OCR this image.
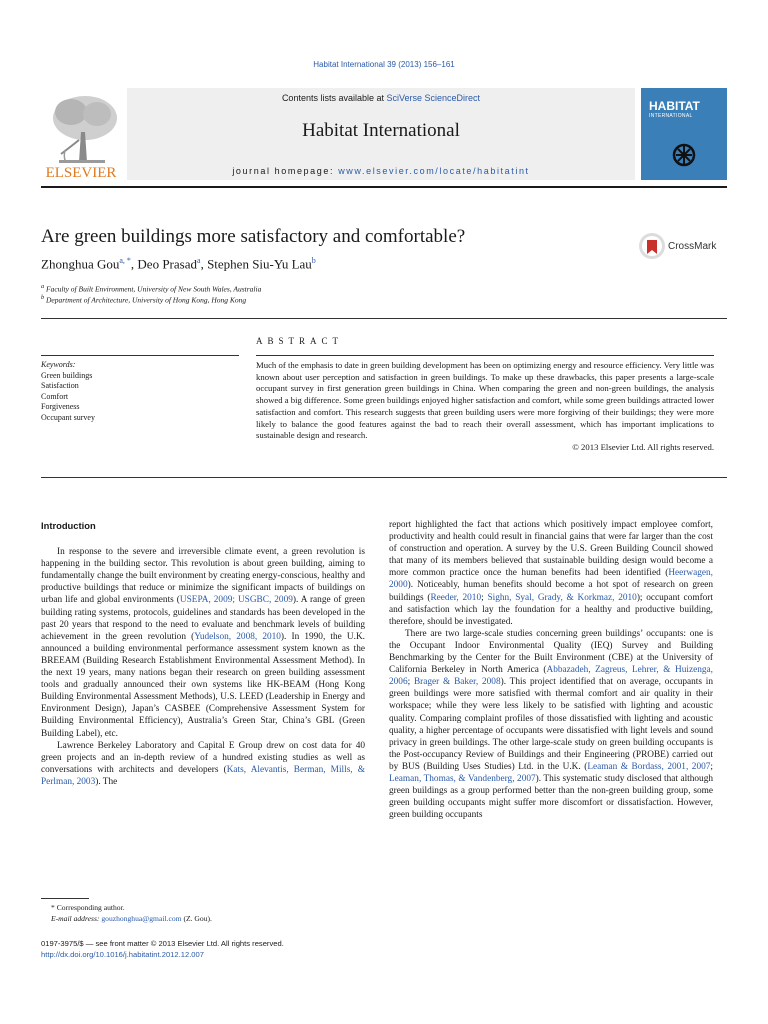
Habitat International 39 (2013) 156–161
ELSEVIER
Contents lists available at SciVerse ScienceDirect
Habitat International
journal homepage: www.elsevier.com/locate/habitatint
HABITAT
INTERNATIONAL
Are green buildings more satisfactory and comfortable?	CrossMark
Zhonghua Gou$^{a, *}$, Deo Prasad$^a$, Stephen Siu-Yu Lau$^b$
$^a$ Faculty of Built Environment, University of New South Wales, Australia
$^b$ Department of Architecture, University of Hong Kong, Hong Kong
ABSTRACT
Keywords:
Green buildings
Satisfaction
Comfort
Forgiveness
Occupant survey
Much of the emphasis to date in green building development has been on optimizing energy and resource efficiency. Very little was known about user perception and satisfaction in green buildings. To make up these drawbacks, this paper presents a large-scale occupant survey in first generation green buildings in China. When comparing the green and non-green buildings, the analysis showed a big difference. Some green buildings enjoyed higher satisfaction and comfort, while some green buildings attracted lower satisfaction and comfort. This research suggests that green building users were more forgiving of their buildings; they were more likely to balance the good features against the bad to reach their overall assessment, which has important implications to sustainable design and research.
© 2013 Elsevier Ltd. All rights reserved.

Introduction

In response to the severe and irreversible climate event, a green revolution is happening in the building sector. This revolution is about green building, aiming to fundamentally change the built environment by creating energy-conscious, healthy and productive buildings that reduce or minimize the significant impacts of buildings on urban life and global environments (USEPA, 2009; USGBC, 2009). A range of green building rating systems, protocols, guidelines and standards has been developed in the past 20 years that respond to the need to evaluate and benchmark levels of building achievement in the green revolution (Yudelson, 2008, 2010). In 1990, the U.K. announced a building environmental performance assessment system known as the BREEAM (Building Research Establishment Environmental Assessment Method). In the next 19 years, many nations began their research on green building assessment tools and gradually announced their own systems like HK-BEAM (Hong Kong Building Environmental Assessment Methods), U.S. LEED (Leadership in Energy and Environment Design), Japan’s CASBEE (Comprehensive Assessment System for Building Environmental Efficiency), Australia’s Green Star, China’s GBL (Green Building Label), etc.

Lawrence Berkeley Laboratory and Capital E Group drew on cost data for 40 green projects and an in-depth review of a hundred existing studies as well as conversations with architects and developers (Kats, Alevantis, Berman, Mills, & Perlman, 2003). The

report highlighted the fact that actions which positively impact employee comfort, productivity and health could result in financial gains that were far larger than the cost of construction and operation. A survey by the U.S. Green Building Council showed that many of its members believed that sustainable building design would become a more common practice once the human benefits had been identified (Heerwagen, 2000). Noticeably, human benefits should become a hot spot of research on green buildings (Reeder, 2010; Sighn, Syal, Grady, & Korkmaz, 2010); occupant comfort and satisfaction which lay the foundation for a healthy and productive building, therefore, should be investigated.

There are two large-scale studies concerning green buildings’ occupants: one is the Occupant Indoor Environmental Quality (IEQ) Survey and Building Benchmarking by the Center for the Built Environment (CBE) at the University of California Berkeley in North America (Abbazadeh, Zagreus, Lehrer, & Huizenga, 2006; Brager & Baker, 2008). This project identified that on average, occupants in green buildings were more satisfied with thermal comfort and air quality in their workspace; while they were less likely to be satisfied with lighting and acoustic quality. Comparing complaint profiles of those dissatisfied with lighting and acoustic quality, a higher percentage of occupants were dissatisfied with light levels and sound privacy in green buildings. The other large-scale study on green building occupants is the Post-occupancy Review of Buildings and their Engineering (PROBE) carried out by BUS (Building Uses Studies) Ltd. in the U.K. (Leaman & Bordass, 2001, 2007; Leaman, Thomas, & Vandenberg, 2007). This systematic study disclosed that although green buildings as a group performed better than the non-green building group, some green building occupants might suffer more discomfort or dissatisfaction. However, green building occupants

* Corresponding author.
E-mail address: gouzhonghua@gmail.com (Z. Gou).
0197-3975/$ — see front matter © 2013 Elsevier Ltd. All rights reserved.
http://dx.doi.org/10.1016/j.habitatint.2012.12.007
